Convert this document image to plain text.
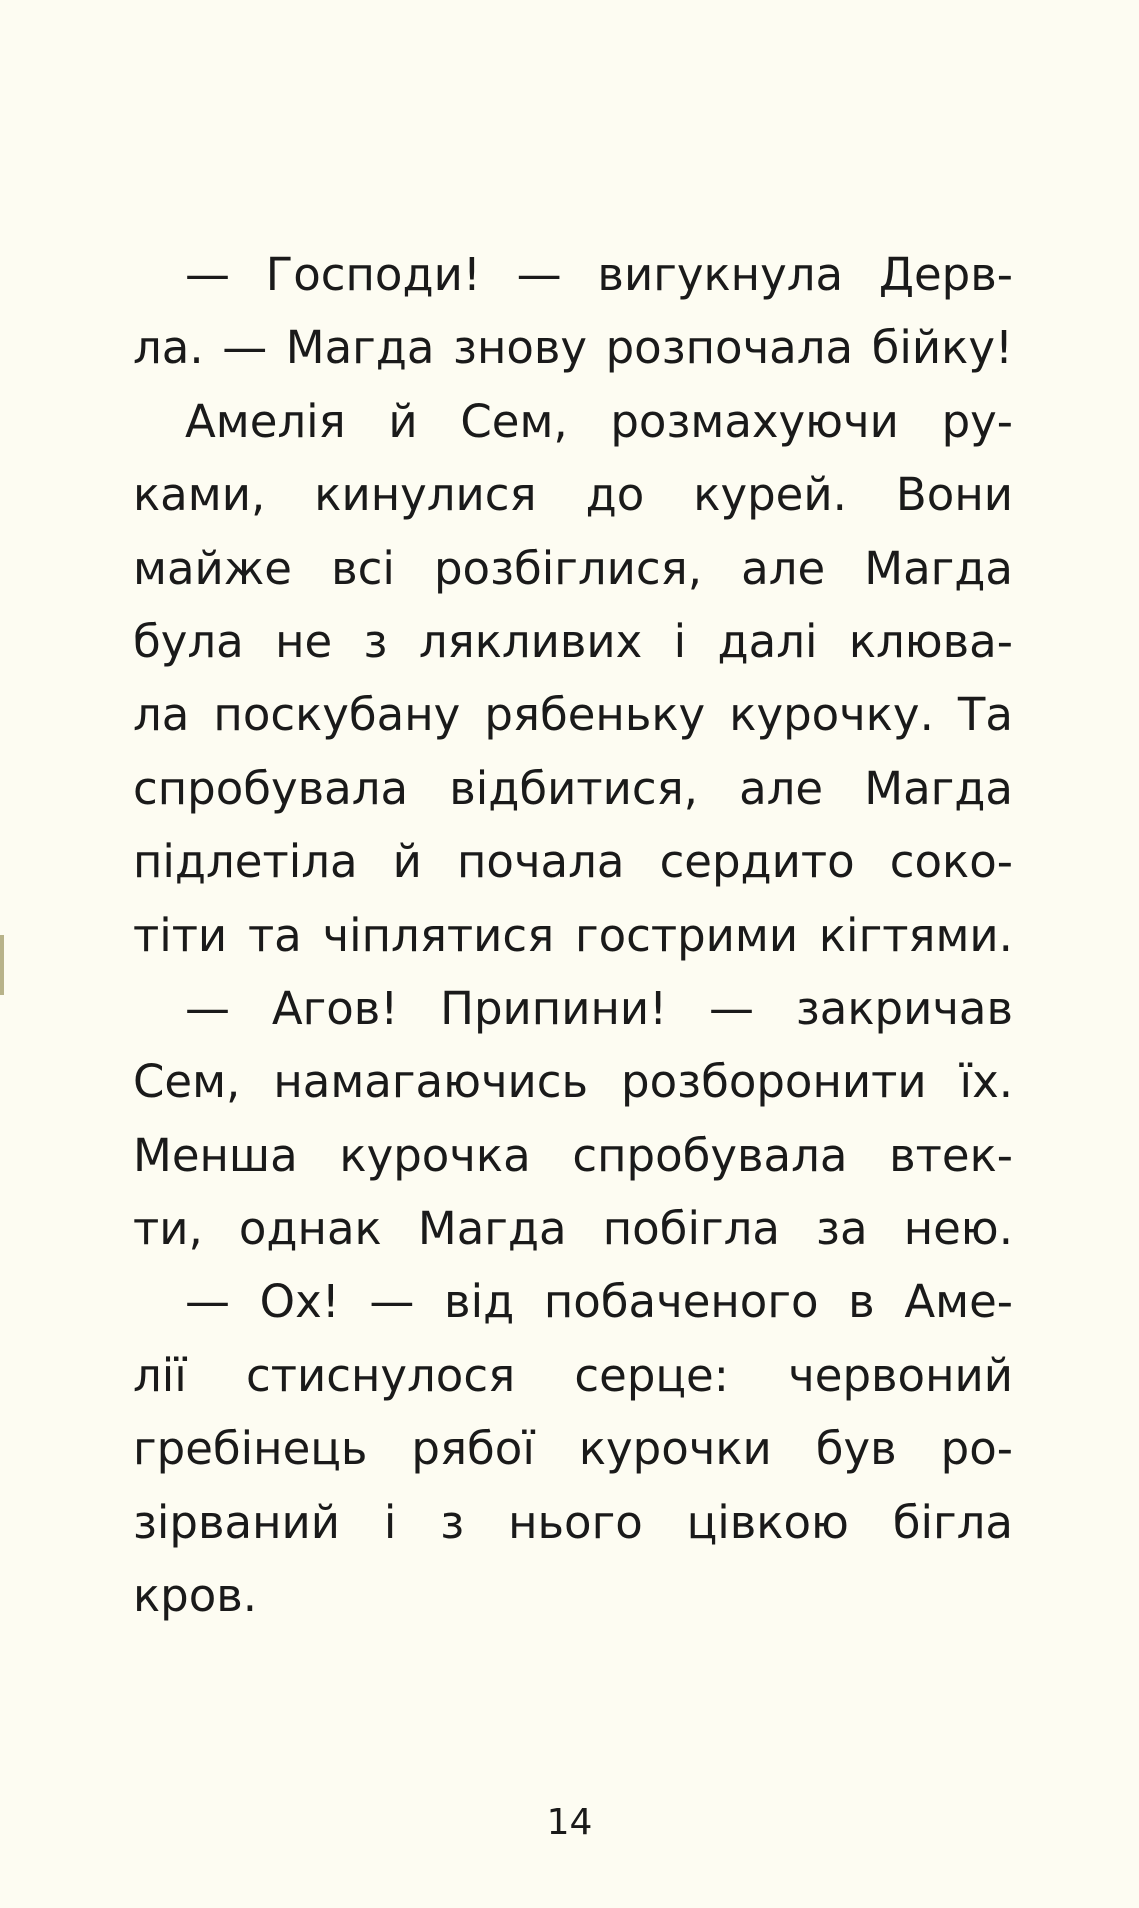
— Господи! — вигукнула Дерв-
ла. — Магда знову розпочала бійку!
Амелія й Сем, розмахуючи ру-
ками, кинулися до курей. Вони
майже всі розбіглися, але Магда
була не з лякливих і далі клюва-
ла поскубану рябеньку курочку. Та
спробувала відбитися, але Магда
підлетіла й почала сердито соко-
тіти та чіплятися гострими кігтями.
— Агов! Припини! — закричав
Сем, намагаючись розборонити їх.
Менша курочка спробувала втек-
ти, однак Магда побігла за нею.
— Ох! — від побаченого в Аме-
лії стиснулося серце: червоний
гребінець рябої курочки був ро-
зірваний і з нього цівкою бігла
кров.
14
